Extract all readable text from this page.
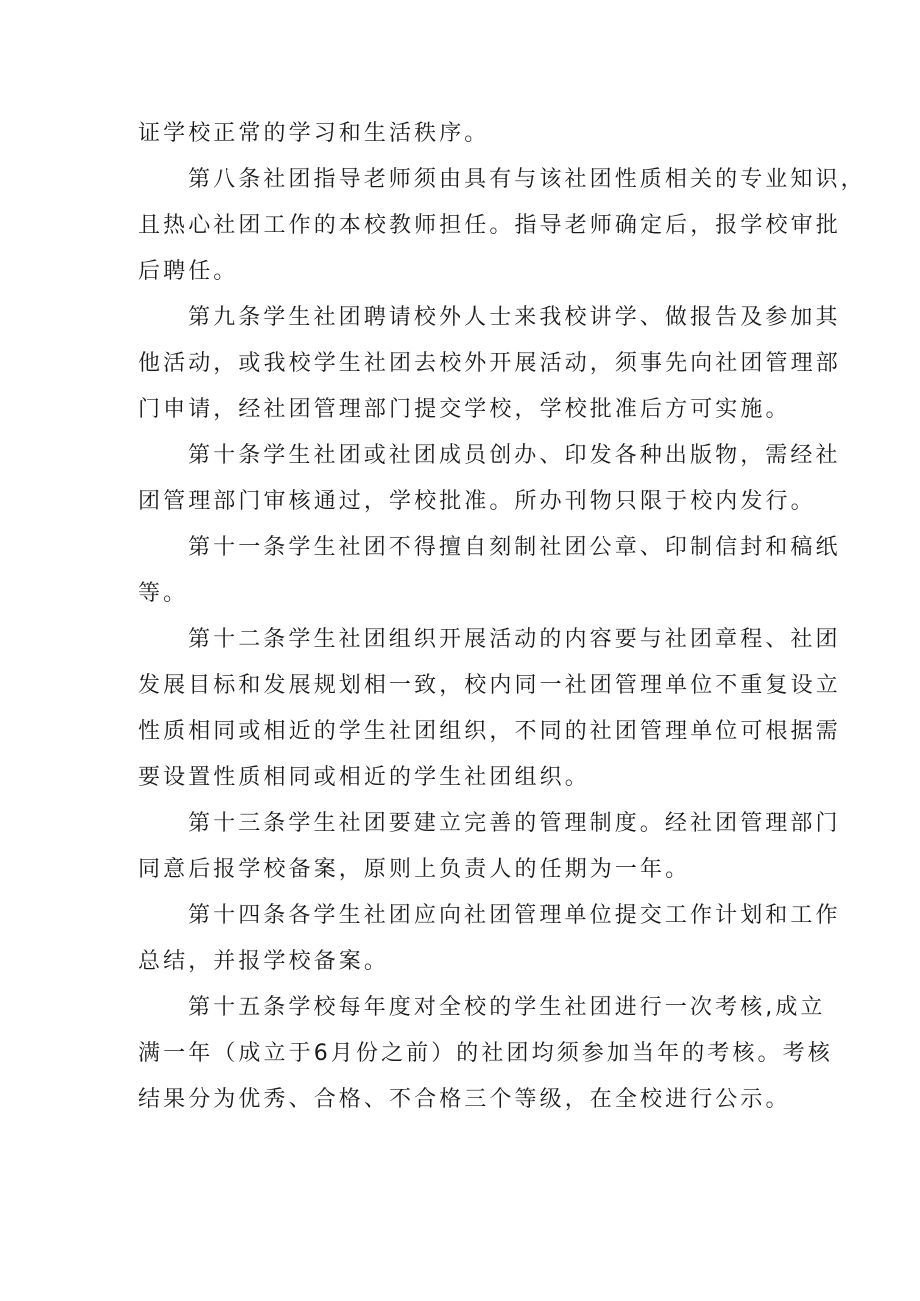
证学校正常的学习和生活秩序。

第八条社团指导老师须由具有与该社团性质相关的专业知识，
且热心社团工作的本校教师担任。指导老师确定后，报学校审批
后聘任。

第九条学生社团聘请校外人士来我校讲学、做报告及参加其
他活动，或我校学生社团去校外开展活动，须事先向社团管理部
门申请，经社团管理部门提交学校，学校批准后方可实施。

第十条学生社团或社团成员创办、印发各种出版物，需经社
团管理部门审核通过，学校批准。所办刊物只限于校内发行。

第十一条学生社团不得擅自刻制社团公章、印制信封和稿纸
等。

第十二条学生社团组织开展活动的内容要与社团章程、社团
发展目标和发展规划相一致，校内同一社团管理单位不重复设立
性质相同或相近的学生社团组织，不同的社团管理单位可根据需
要设置性质相同或相近的学生社团组织。

第十三条学生社团要建立完善的管理制度。经社团管理部门
同意后报学校备案，原则上负责人的任期为一年。

第十四条各学生社团应向社团管理单位提交工作计划和工作
总结，并报学校备案。

第十五条学校每年度对全校的学生社团进行一次考核,成立
满一年（成立于6月份之前）的社团均须参加当年的考核。考核
结果分为优秀、合格、不合格三个等级，在全校进行公示。
